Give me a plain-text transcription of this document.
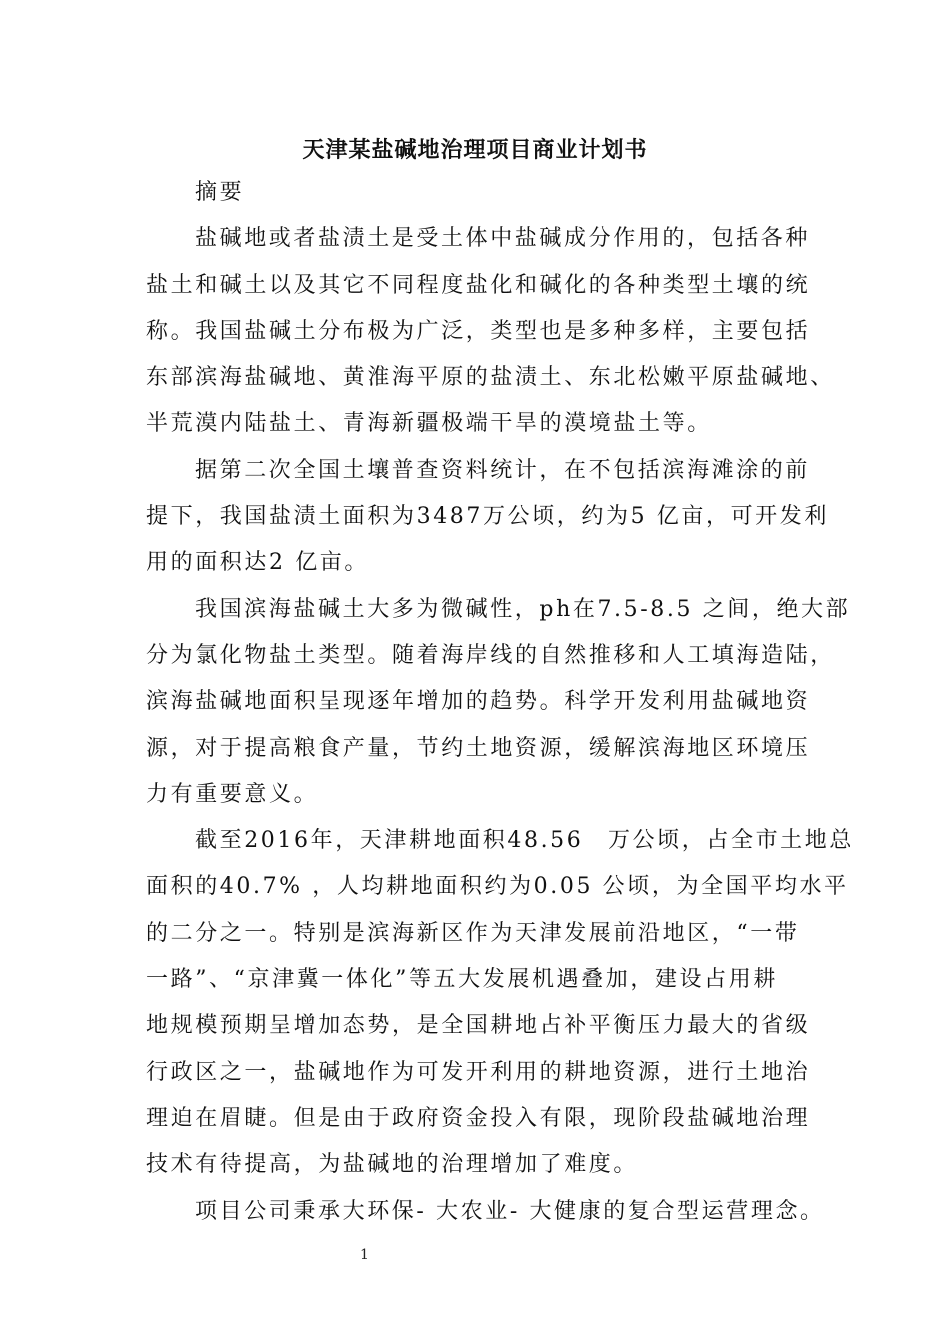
天津某盐碱地治理项目商业计划书
摘要
盐碱地或者盐渍土是受土体中盐碱成分作用的，包括各种
盐土和碱土以及其它不同程度盐化和碱化的各种类型土壤的统
称。我国盐碱土分布极为广泛，类型也是多种多样，主要包括
东部滨海盐碱地、黄淮海平原的盐渍土、东北松嫩平原盐碱地、
半荒漠内陆盐土、青海新疆极端干旱的漠境盐土等。
据第二次全国土壤普查资料统计，在不包括滨海滩涂的前
提下，我国盐渍土面积为3487万公顷，约为5 亿亩，可开发利
用的面积达2 亿亩。
我国滨海盐碱土大多为微碱性，ph在7.5-8.5 之间，绝大部
分为氯化物盐土类型。随着海岸线的自然推移和人工填海造陆，
滨海盐碱地面积呈现逐年增加的趋势。科学开发利用盐碱地资
源，对于提高粮食产量，节约土地资源，缓解滨海地区环境压
力有重要意义。
截至2016年，天津耕地面积48.56　万公顷，占全市土地总
面积的40.7% ，人均耕地面积约为0.05 公顷，为全国平均水平
的二分之一。特别是滨海新区作为天津发展前沿地区，“一带
一路”、“京津冀一体化”等五大发展机遇叠加，建设占用耕
地规模预期呈增加态势，是全国耕地占补平衡压力最大的省级
行政区之一，盐碱地作为可发开利用的耕地资源，进行土地治
理迫在眉睫。但是由于政府资金投入有限，现阶段盐碱地治理
技术有待提高，为盐碱地的治理增加了难度。
项目公司秉承大环保- 大农业- 大健康的复合型运营理念。
1
